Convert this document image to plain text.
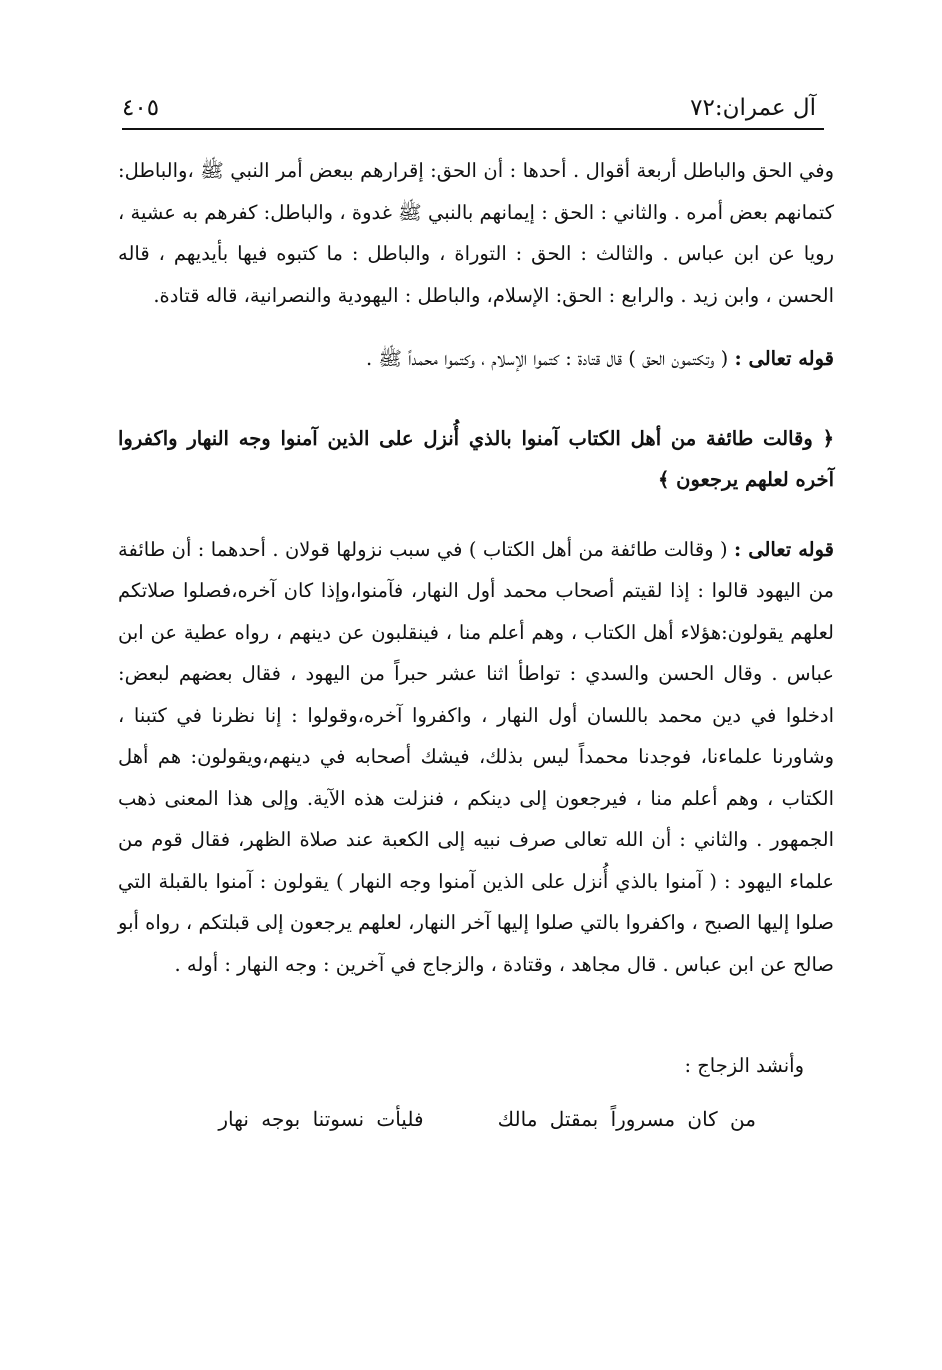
٤٠٥	آل عمران:٧٢

وفي الحق والباطل أربعة أقوال . أحدها : أن الحق: إقرارهم ببعض أمر النبي ﷺ ،والباطل: كتمانهم بعض أمره . والثاني : الحق : إيمانهم بالنبي ﷺ غدوة ، والباطل: كفرهم به عشية ، رويا عن ابن عباس . والثالث : الحق : التوراة ، والباطل : ما كتبوه فيها بأيديهم ، قاله الحسن ، وابن زيد . والرابع : الحق: الإسلام، والباطل : اليهودية والنصرانية، قاله قتادة.

قوله تعالى : ( وتكتمون الحق ) قال قتادة : كتموا الإسلام ، وكتموا محمداً ﷺ .

﴿ وقالت طائفة من أهل الكتاب آمنوا بالذي أُنزل على الذين آمنوا وجه النهار واكفروا آخره لعلهم يرجعون ﴾

قوله تعالى : ( وقالت طائفة من أهل الكتاب ) في سبب نزولها قولان . أحدهما : أن طائفة من اليهود قالوا : إذا لقيتم أصحاب محمد أول النهار، فآمنوا،وإذا كان آخره،فصلوا صلاتكم لعلهم يقولون:هؤلاء أهل الكتاب ، وهم أعلم منا ، فينقلبون عن دينهم ، رواه عطية عن ابن عباس . وقال الحسن والسدي : تواطأ اثنا عشر حبراً من اليهود ، فقال بعضهم لبعض: ادخلوا في دين محمد باللسان أول النهار ، واكفروا آخره،وقولوا : إنا نظرنا في كتبنا ، وشاورنا علماءنا، فوجدنا محمداً ليس بذلك، فيشك أصحابه في دينهم،ويقولون: هم أهل الكتاب ، وهم أعلم منا ، فيرجعون إلى دينكم ، فنزلت هذه الآية. وإلى هذا المعنى ذهب الجمهور . والثاني : أن الله تعالى صرف نبيه إلى الكعبة عند صلاة الظهر، فقال قوم من علماء اليهود : ( آمنوا بالذي أُنزل على الذين آمنوا وجه النهار ) يقولون : آمنوا بالقبلة التي صلوا إليها الصبح ، واكفروا بالتي صلوا إليها آخر النهار، لعلهم يرجعون إلى قبلتكم ، رواه أبو صالح عن ابن عباس . قال مجاهد ، وقتادة ، والزجاج في آخرين : وجه النهار : أوله .

وأنشد الزجاج :

من كان مسروراً بمقتل مالك      فليأت نسوتنا بوجه نهار
